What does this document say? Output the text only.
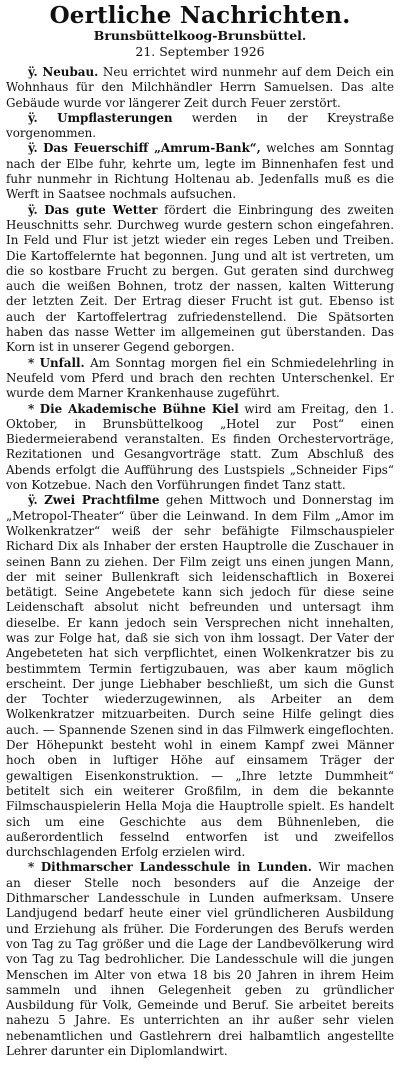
Oertliche Nachrichten.
Brunsbüttelkoog-Brunsbüttel.
21. September 1926

ÿ. Neubau. Neu errichtet wird nunmehr auf dem Deich ein Wohnhaus für den Milchhändler Herrn Samuelsen. Das alte Gebäude wurde vor längerer Zeit durch Feuer zerstört.

ÿ. Umpflasterungen werden in der Kreystraße vorgenommen.

ÿ. Das Feuerschiff „Amrum-Bank“, welches am Sonntag nach der Elbe fuhr, kehrte um, legte im Binnenhafen fest und fuhr nunmehr in Richtung Holtenau ab. Jedenfalls muß es die Werft in Saatsee nochmals aufsuchen.

ÿ. Das gute Wetter fördert die Einbringung des zweiten Heuschnitts sehr. Durchweg wurde gestern schon eingefahren. In Feld und Flur ist jetzt wieder ein reges Leben und Treiben. Die Kartoffelernte hat begonnen. Jung und alt ist vertreten, um die so kostbare Frucht zu bergen. Gut geraten sind durchweg auch die weißen Bohnen, trotz der nassen, kalten Witterung der letzten Zeit. Der Ertrag dieser Frucht ist gut. Ebenso ist auch der Kartoffelertrag zufriedenstellend. Die Spätsorten haben das nasse Wetter im allgemeinen gut überstanden. Das Korn ist in unserer Gegend geborgen.

* Unfall. Am Sonntag morgen fiel ein Schmiedelehrling in Neufeld vom Pferd und brach den rechten Unterschenkel. Er wurde dem Marner Krankenhause zugeführt.

* Die Akademische Bühne Kiel wird am Freitag, den 1. Oktober, in Brunsbüttelkoog „Hotel zur Post“ einen Biedermeierabend veranstalten. Es finden Orchestervorträge, Rezitationen und Gesangvorträge statt. Zum Abschluß des Abends erfolgt die Aufführung des Lustspiels „Schneider Fips“ von Kotzebue. Nach den Vorführungen findet Tanz statt.

ÿ. Zwei Prachtfilme gehen Mittwoch und Donnerstag im „Metropol-Theater“ über die Leinwand. In dem Film „Amor im Wolkenkratzer“ weiß der sehr befähigte Filmschauspieler Richard Dix als Inhaber der ersten Hauptrolle die Zuschauer in seinen Bann zu ziehen. Der Film zeigt uns einen jungen Mann, der mit seiner Bullenkraft sich leidenschaftlich in Boxerei betätigt. Seine Angebetete kann sich jedoch für diese seine Leidenschaft absolut nicht befreunden und untersagt ihm dieselbe. Er kann jedoch sein Versprechen nicht innehalten, was zur Folge hat, daß sie sich von ihm lossagt. Der Vater der Angebeteten hat sich verpflichtet, einen Wolkenkratzer bis zu bestimmtem Termin fertigzubauen, was aber kaum möglich erscheint. Der junge Liebhaber beschließt, um sich die Gunst der Tochter wiederzugewinnen, als Arbeiter an dem Wolkenkratzer mitzuarbeiten. Durch seine Hilfe gelingt dies auch. — Spannende Szenen sind in das Filmwerk eingeflochten. Der Höhepunkt besteht wohl in einem Kampf zwei Männer hoch oben in luftiger Höhe auf einsamem Träger der gewaltigen Eisenkonstruktion. — „Ihre letzte Dummheit“ betitelt sich ein weiterer Großfilm, in dem die bekannte Filmschauspielerin Hella Moja die Hauptrolle spielt. Es handelt sich um eine Geschichte aus dem Bühnenleben, die außerordentlich fesselnd entworfen ist und zweifellos durchschlagenden Erfolg erzielen wird.

* Dithmarscher Landesschule in Lunden. Wir machen an dieser Stelle noch besonders auf die Anzeige der Dithmarscher Landesschule in Lunden aufmerksam. Unsere Landjugend bedarf heute einer viel gründlicheren Ausbildung und Erziehung als früher. Die Forderungen des Berufs werden von Tag zu Tag größer und die Lage der Landbevölkerung wird von Tag zu Tag bedrohlicher. Die Landesschule will die jungen Menschen im Alter von etwa 18 bis 20 Jahren in ihrem Heim sammeln und ihnen Gelegenheit geben zu gründlicher Ausbildung für Volk, Gemeinde und Beruf. Sie arbeitet bereits nahezu 5 Jahre. Es unterrichten an ihr außer sehr vielen nebenamtlichen und Gastlehrern drei halbamtlich angestellte Lehrer darunter ein Diplomlandwirt.
